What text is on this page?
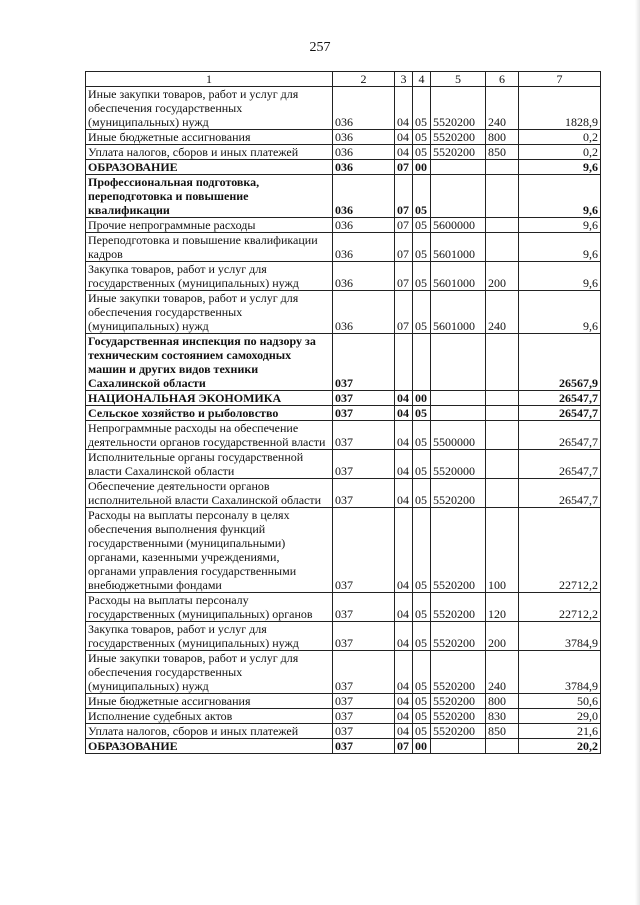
257
1	2	3	4	5	6	7
Иные закупки товаров, работ и услуг для обеспечения государственных (муниципальных) нужд	036	04	05	5520200	240	1828,9
Иные бюджетные ассигнования	036	04	05	5520200	800	0,2
Уплата налогов, сборов и иных платежей	036	04	05	5520200	850	0,2
ОБРАЗОВАНИЕ	036	07	00			9,6
Профессиональная подготовка, переподготовка и повышение квалификации	036	07	05			9,6
Прочие непрограммные расходы	036	07	05	5600000		9,6
Переподготовка и повышение квалификации кадров	036	07	05	5601000		9,6
Закупка товаров, работ и услуг для государственных (муниципальных) нужд	036	07	05	5601000	200	9,6
Иные закупки товаров, работ и услуг для обеспечения государственных (муниципальных) нужд	036	07	05	5601000	240	9,6
Государственная инспекция по надзору за техническим состоянием самоходных машин и других видов техники Сахалинской области	037					26567,9
НАЦИОНАЛЬНАЯ ЭКОНОМИКА	037	04	00			26547,7
Сельское хозяйство и рыболовство	037	04	05			26547,7
Непрограммные расходы на обеспечение деятельности органов государственной власти	037	04	05	5500000		26547,7
Исполнительные органы государственной власти Сахалинской области	037	04	05	5520000		26547,7
Обеспечение деятельности органов исполнительной власти Сахалинской области	037	04	05	5520200		26547,7
Расходы на выплаты персоналу в целях обеспечения выполнения функций государственными (муниципальными) органами, казенными учреждениями, органами управления государственными внебюджетными фондами	037	04	05	5520200	100	22712,2
Расходы на выплаты персоналу государственных (муниципальных) органов	037	04	05	5520200	120	22712,2
Закупка товаров, работ и услуг для государственных (муниципальных) нужд	037	04	05	5520200	200	3784,9
Иные закупки товаров, работ и услуг для обеспечения государственных (муниципальных) нужд	037	04	05	5520200	240	3784,9
Иные бюджетные ассигнования	037	04	05	5520200	800	50,6
Исполнение судебных актов	037	04	05	5520200	830	29,0
Уплата налогов, сборов и иных платежей	037	04	05	5520200	850	21,6
ОБРАЗОВАНИЕ	037	07	00			20,2
